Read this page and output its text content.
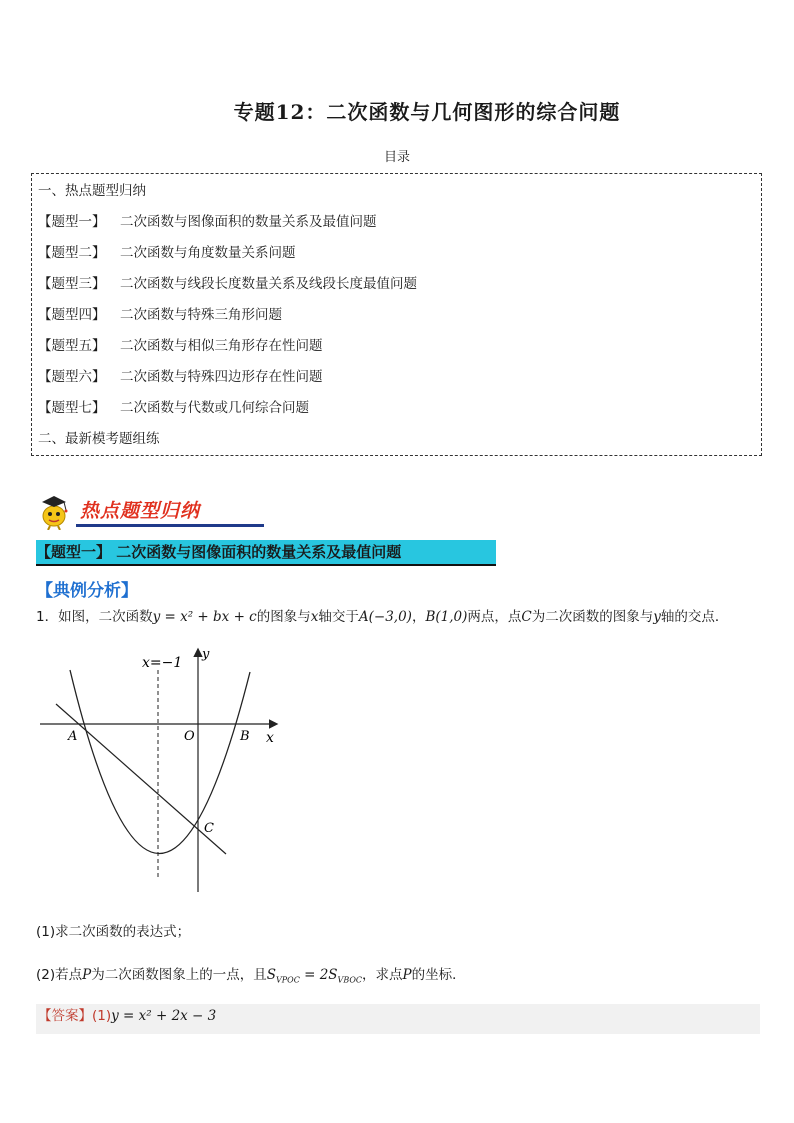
专题12：二次函数与几何图形的综合问题
目录
一、热点题型归纳
【题型一】 二次函数与图像面积的数量关系及最值问题
【题型二】 二次函数与角度数量关系问题
【题型三】 二次函数与线段长度数量关系及线段长度最值问题
【题型四】 二次函数与特殊三角形问题
【题型五】 二次函数与相似三角形存在性问题
【题型六】 二次函数与特殊四边形存在性问题
【题型七】 二次函数与代数或几何综合问题
二、最新模考题组练
热点题型归纳
【题型一】 二次函数与图像面积的数量关系及最值问题
【典例分析】
1．如图，二次函数y = x² + bx + c的图象与x轴交于A(−3,0)，B(1,0)两点，点C为二次函数的图象与y轴的交点．
x
y
x=−1
A	O	B
C
(1)求二次函数的表达式；
(2)若点P为二次函数图象上的一点，且$S_{VPOC} = 2S_{VBOC}$，求点P的坐标．
【答案】(1)y = x² + 2x − 3
